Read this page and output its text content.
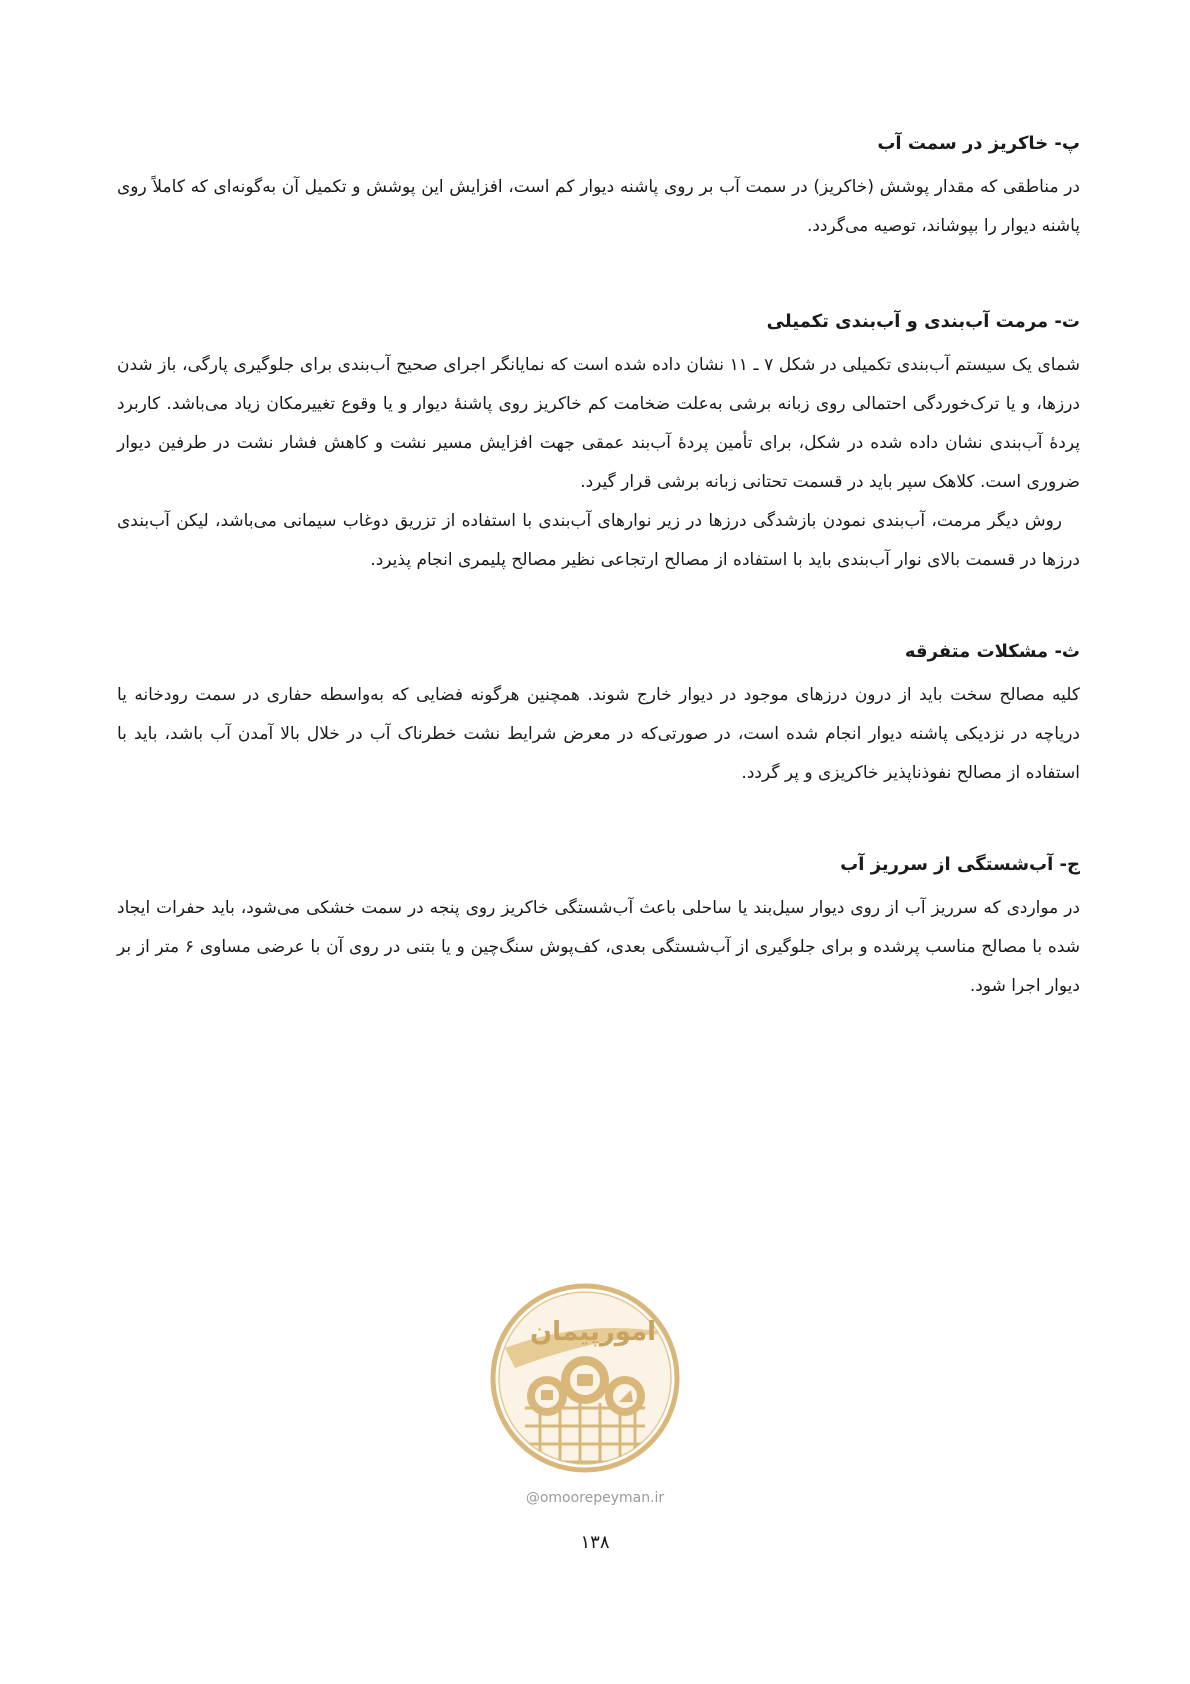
پ- خاکریز در سمت آب

در مناطقی که مقدار پوشش (خاکریز) در سمت آب بر روی پاشنه دیوار کم است، افزایش این پوشش و تکمیل آن به‌گونه‌ای که کاملاً روی پاشنه دیوار را بپوشاند، توصیه می‌گردد.

ت- مرمت آب‌بندی و آب‌بندی تکمیلی

شمای یک سیستم آب‌بندی تکمیلی در شکل ۷ ـ ۱۱ نشان داده شده است که نمایانگر اجرای صحیح آب‌بندی برای جلوگیری پارگی، باز شدن درزها، و یا ترک‌خوردگی احتمالی روی زبانه برشی به‌علت ضخامت کم خاکریز روی پاشنهٔ دیوار و یا وقوع تغییرمکان زیاد می‌باشد. کاربرد پردهٔ آب‌بندی نشان داده شده در شکل، برای تأمین پردهٔ آب‌بند عمقی جهت افزایش مسیر نشت و کاهش فشار نشت در طرفین دیوار ضروری است. کلاهک سپر باید در قسمت تحتانی زبانه برشی قرار گیرد.

روش دیگر مرمت، آب‌بندی نمودن بازشدگی درزها در زیر نوارهای آب‌بندی با استفاده از تزریق دوغاب سیمانی می‌باشد، لیکن آب‌بندی درزها در قسمت بالای نوار آب‌بندی باید با استفاده از مصالح ارتجاعی نظیر مصالح پلیمری انجام پذیرد.

ث- مشکلات متفرقه

کلیه مصالح سخت باید از درون درزهای موجود در دیوار خارج شوند. همچنین هرگونه فضایی که به‌واسطه حفاری در سمت رودخانه یا دریاچه در نزدیکی پاشنه دیوار انجام شده است، در صورتی‌که در معرض شرایط نشت خطرناک آب در خلال بالا آمدن آب باشد، باید با استفاده از مصالح نفوذناپذیر خاکریزی و پر گردد.

ج- آب‌شستگی از سرریز آب

در مواردی که سرریز آب از روی دیوار سیل‌بند یا ساحلی باعث آب‌شستگی خاکریز روی پنجه در سمت خشکی می‌شود، باید حفرات ایجاد شده با مصالح مناسب پرشده و برای جلوگیری از آب‌شستگی بعدی، کف‌پوش سنگ‌چین و یا بتنی در روی آن با عرضی مساوی ۶ متر از بر دیوار اجرا شود.

امورپیمان
@omoorepeyman.ir
۱۳۸
